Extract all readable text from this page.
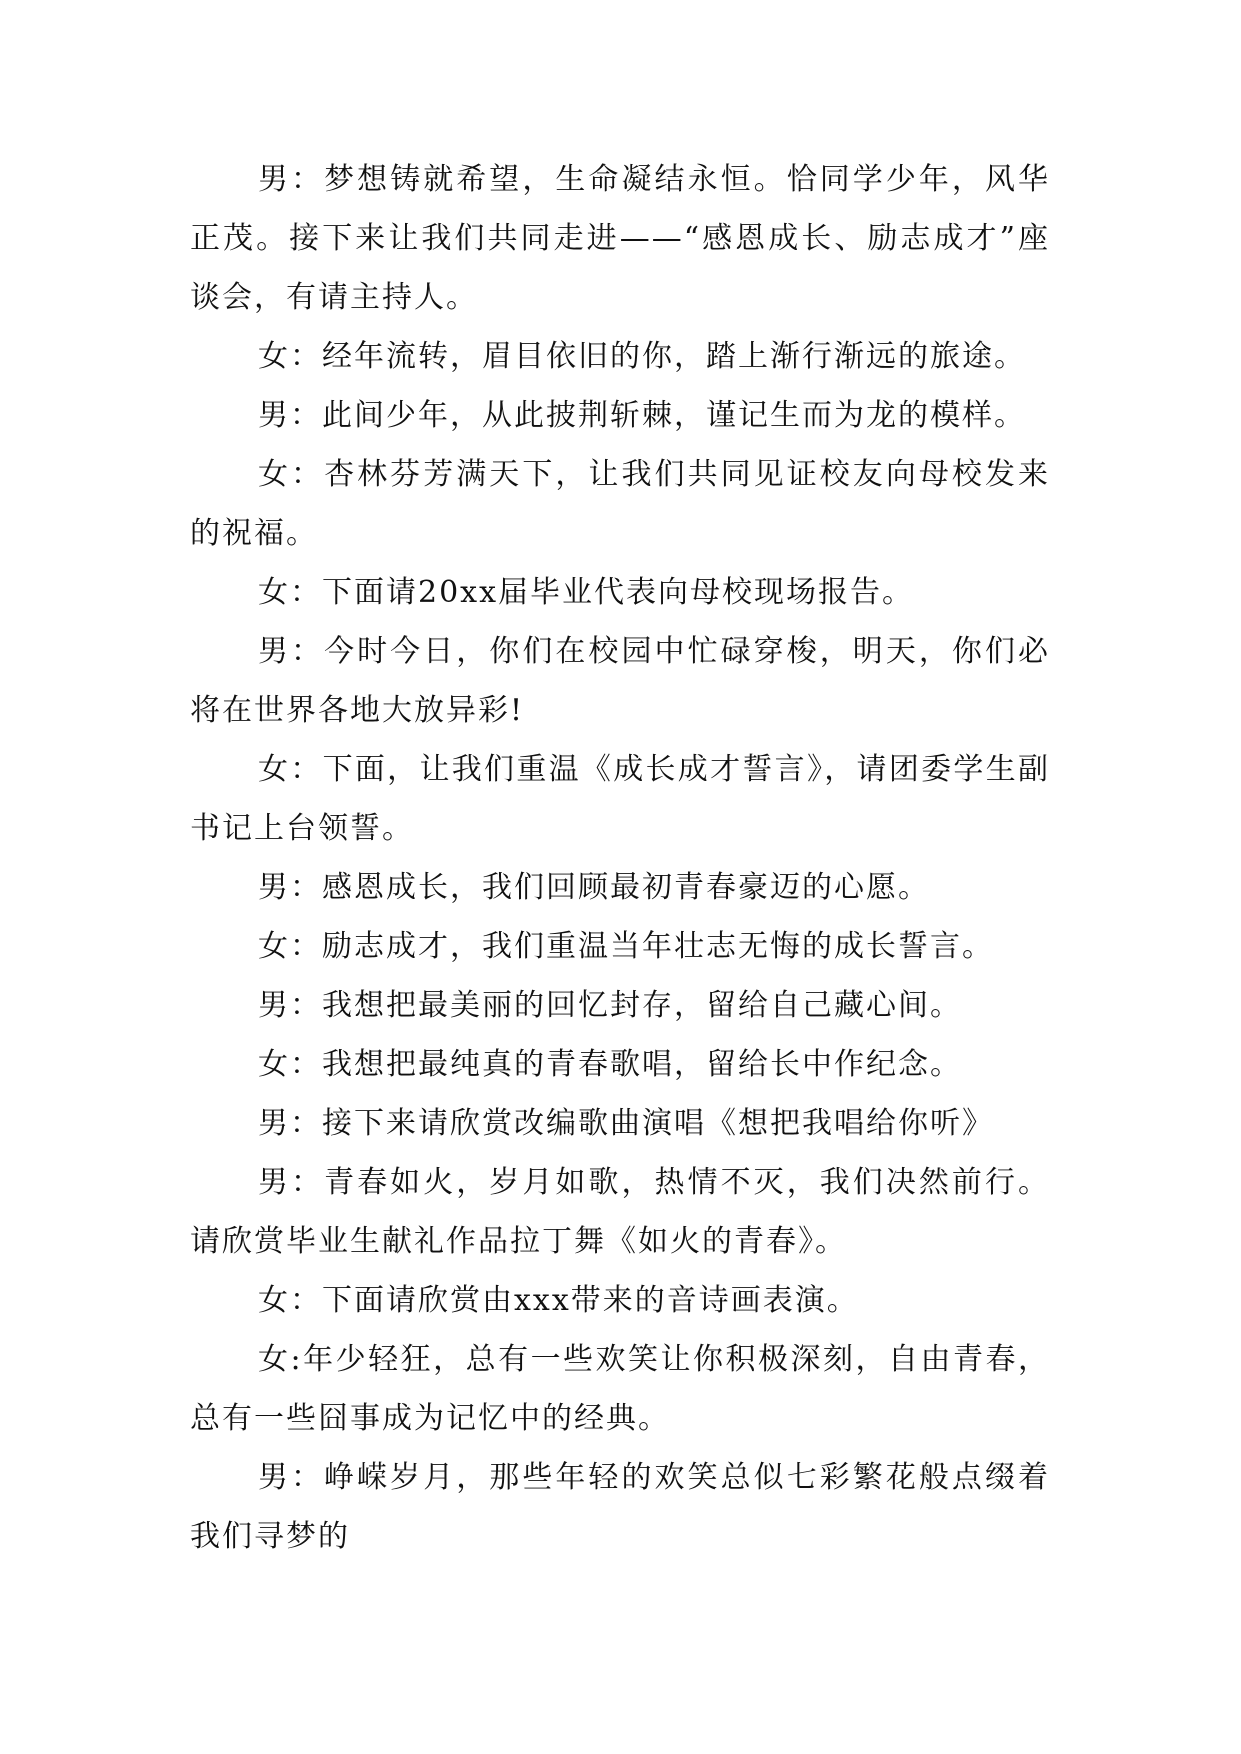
男：梦想铸就希望，生命凝结永恒。恰同学少年，风华正茂。接下来让我们共同走进——“感恩成长、励志成才”座谈会，有请主持人。

女：经年流转，眉目依旧的你，踏上渐行渐远的旅途。

男：此间少年，从此披荆斩棘，谨记生而为龙的模样。

女：杏林芬芳满天下，让我们共同见证校友向母校发来的祝福。

女：下面请20xx届毕业代表向母校现场报告。

男：今时今日，你们在校园中忙碌穿梭，明天，你们必将在世界各地大放异彩!

女：下面，让我们重温《成长成才誓言》，请团委学生副书记上台领誓。

男：感恩成长，我们回顾最初青春豪迈的心愿。

女：励志成才，我们重温当年壮志无悔的成长誓言。

男：我想把最美丽的回忆封存，留给自己藏心间。

女：我想把最纯真的青春歌唱，留给长中作纪念。

男：接下来请欣赏改编歌曲演唱《想把我唱给你听》

男：青春如火，岁月如歌，热情不灭，我们决然前行。请欣赏毕业生献礼作品拉丁舞《如火的青春》。

女：下面请欣赏由xxx带来的音诗画表演。

女:年少轻狂，总有一些欢笑让你积极深刻，自由青春，总有一些囧事成为记忆中的经典。

男：峥嵘岁月，那些年轻的欢笑总似七彩繁花般点缀着我们寻梦的
